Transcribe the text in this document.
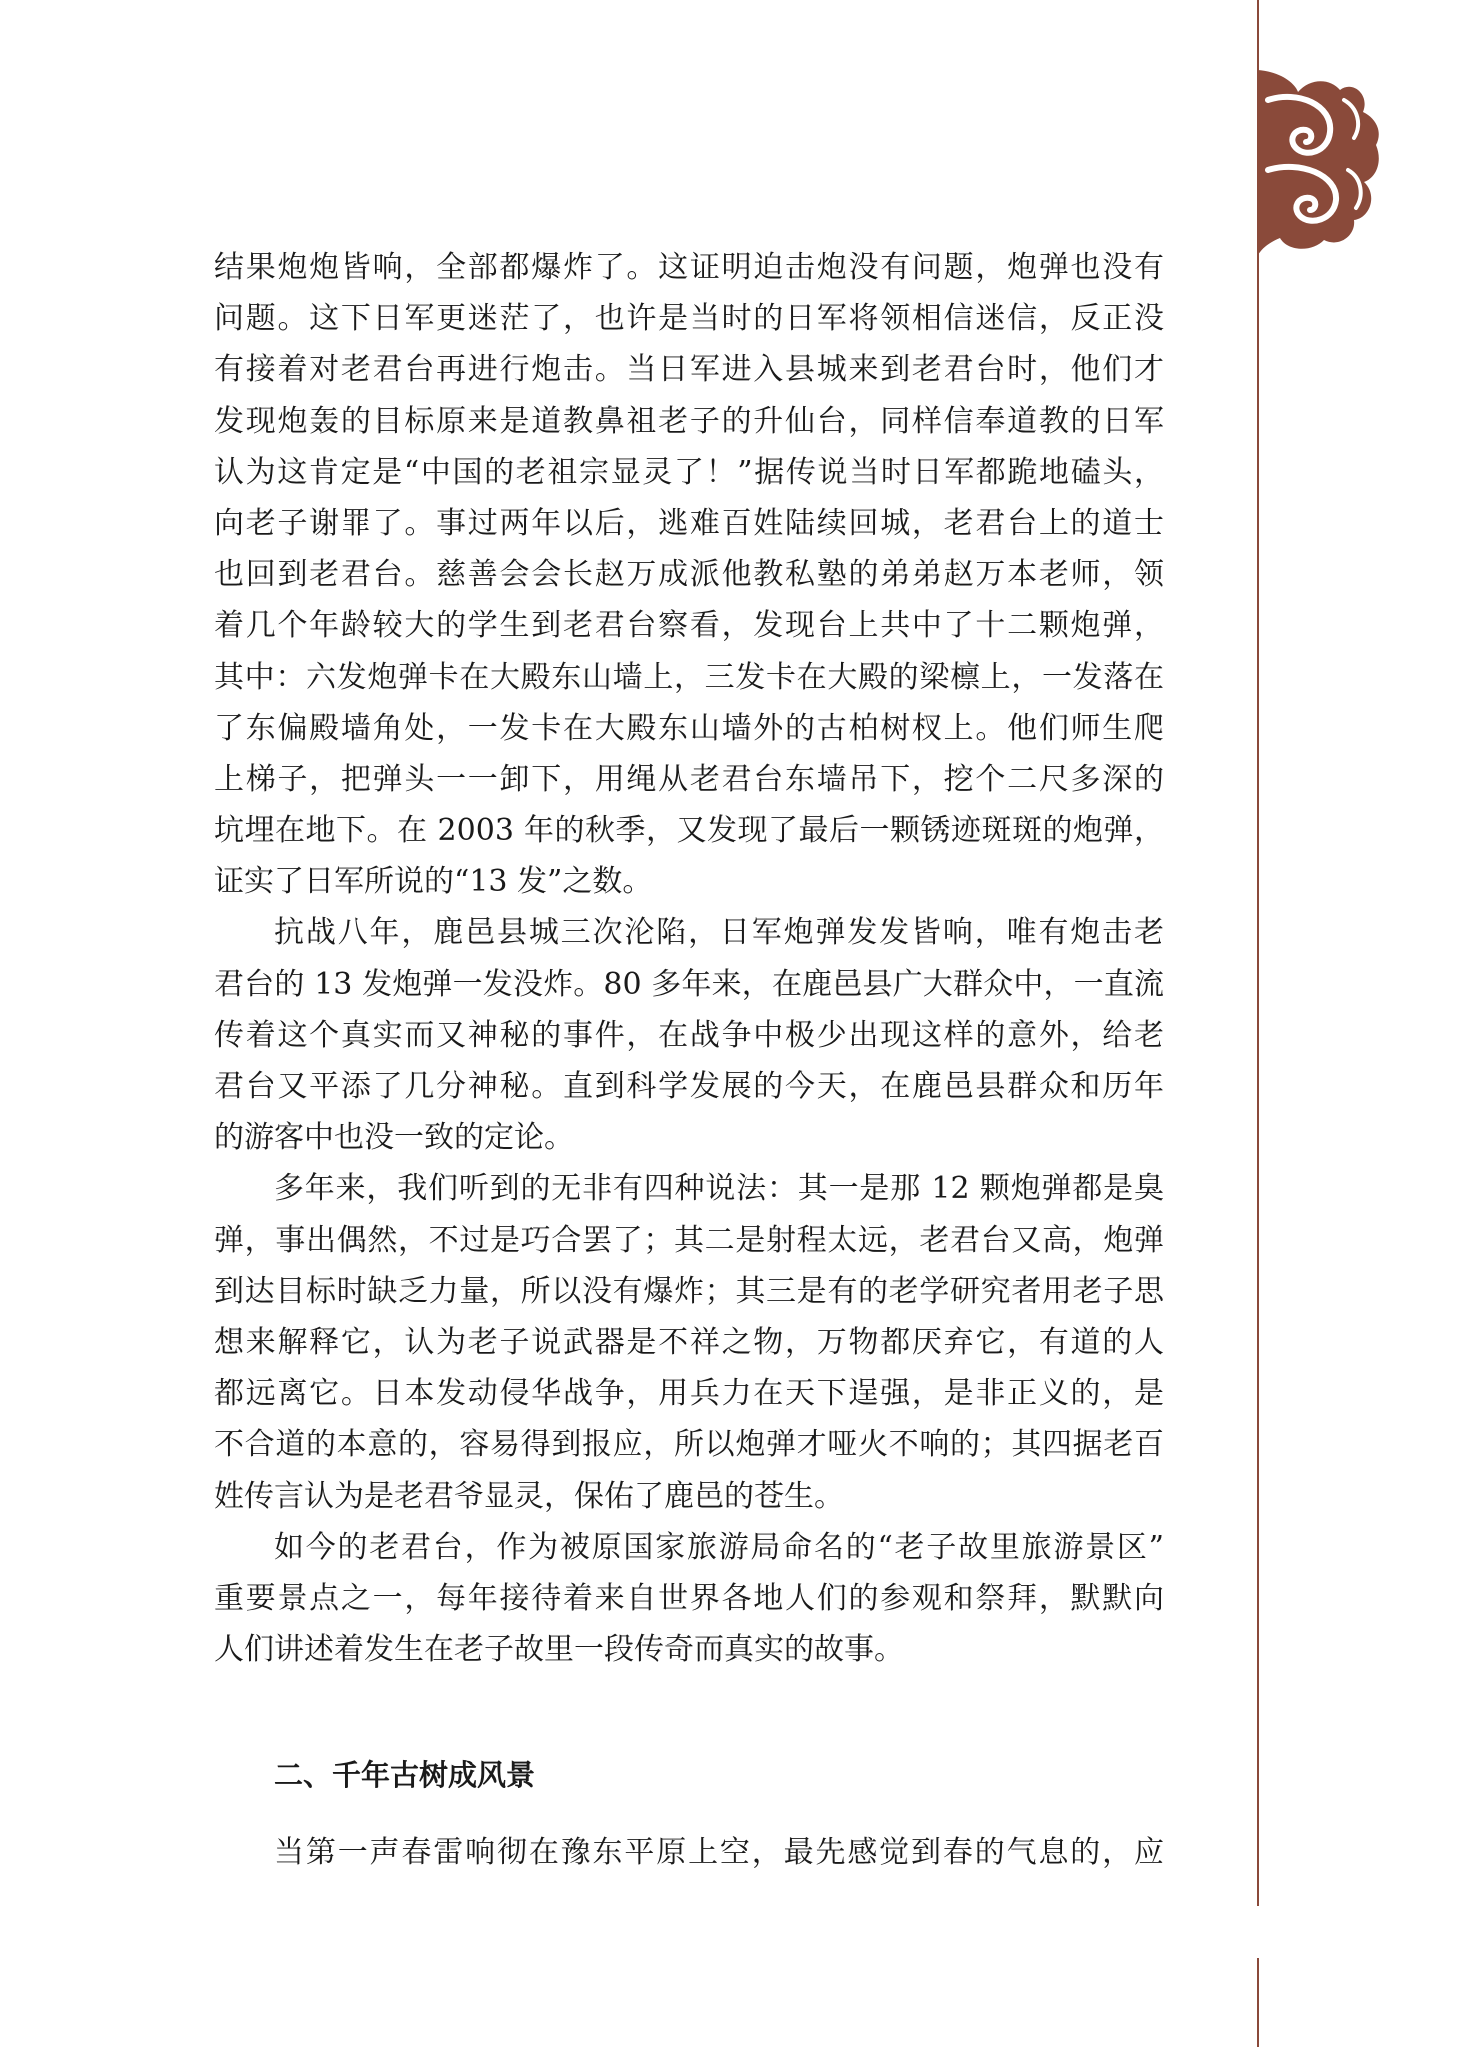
结果炮炮皆响，全部都爆炸了。这证明迫击炮没有问题，炮弹也没有
问题。这下日军更迷茫了，也许是当时的日军将领相信迷信，反正没
有接着对老君台再进行炮击。当日军进入县城来到老君台时，他们才
发现炮轰的目标原来是道教鼻祖老子的升仙台，同样信奉道教的日军
认为这肯定是“中国的老祖宗显灵了！”据传说当时日军都跪地磕头，
向老子谢罪了。事过两年以后，逃难百姓陆续回城，老君台上的道士
也回到老君台。慈善会会长赵万成派他教私塾的弟弟赵万本老师，领
着几个年龄较大的学生到老君台察看，发现台上共中了十二颗炮弹，
其中：六发炮弹卡在大殿东山墙上，三发卡在大殿的梁檩上，一发落在
了东偏殿墙角处，一发卡在大殿东山墙外的古柏树杈上。他们师生爬
上梯子，把弹头一一卸下，用绳从老君台东墙吊下，挖个二尺多深的
坑埋在地下。在 2003 年的秋季，又发现了最后一颗锈迹斑斑的炮弹，
证实了日军所说的“13 发”之数。
抗战八年，鹿邑县城三次沦陷，日军炮弹发发皆响，唯有炮击老
君台的 13 发炮弹一发没炸。80 多年来，在鹿邑县广大群众中，一直流
传着这个真实而又神秘的事件，在战争中极少出现这样的意外，给老
君台又平添了几分神秘。直到科学发展的今天，在鹿邑县群众和历年
的游客中也没一致的定论。
多年来，我们听到的无非有四种说法：其一是那 12 颗炮弹都是臭
弹，事出偶然，不过是巧合罢了；其二是射程太远，老君台又高，炮弹
到达目标时缺乏力量，所以没有爆炸；其三是有的老学研究者用老子思
想来解释它，认为老子说武器是不祥之物，万物都厌弃它，有道的人
都远离它。日本发动侵华战争，用兵力在天下逞强，是非正义的，是
不合道的本意的，容易得到报应，所以炮弹才哑火不响的；其四据老百
姓传言认为是老君爷显灵，保佑了鹿邑的苍生。
如今的老君台，作为被原国家旅游局命名的“老子故里旅游景区”
重要景点之一，每年接待着来自世界各地人们的参观和祭拜，默默向
人们讲述着发生在老子故里一段传奇而真实的故事。
二、千年古树成风景
当第一声春雷响彻在豫东平原上空，最先感觉到春的气息的，应
